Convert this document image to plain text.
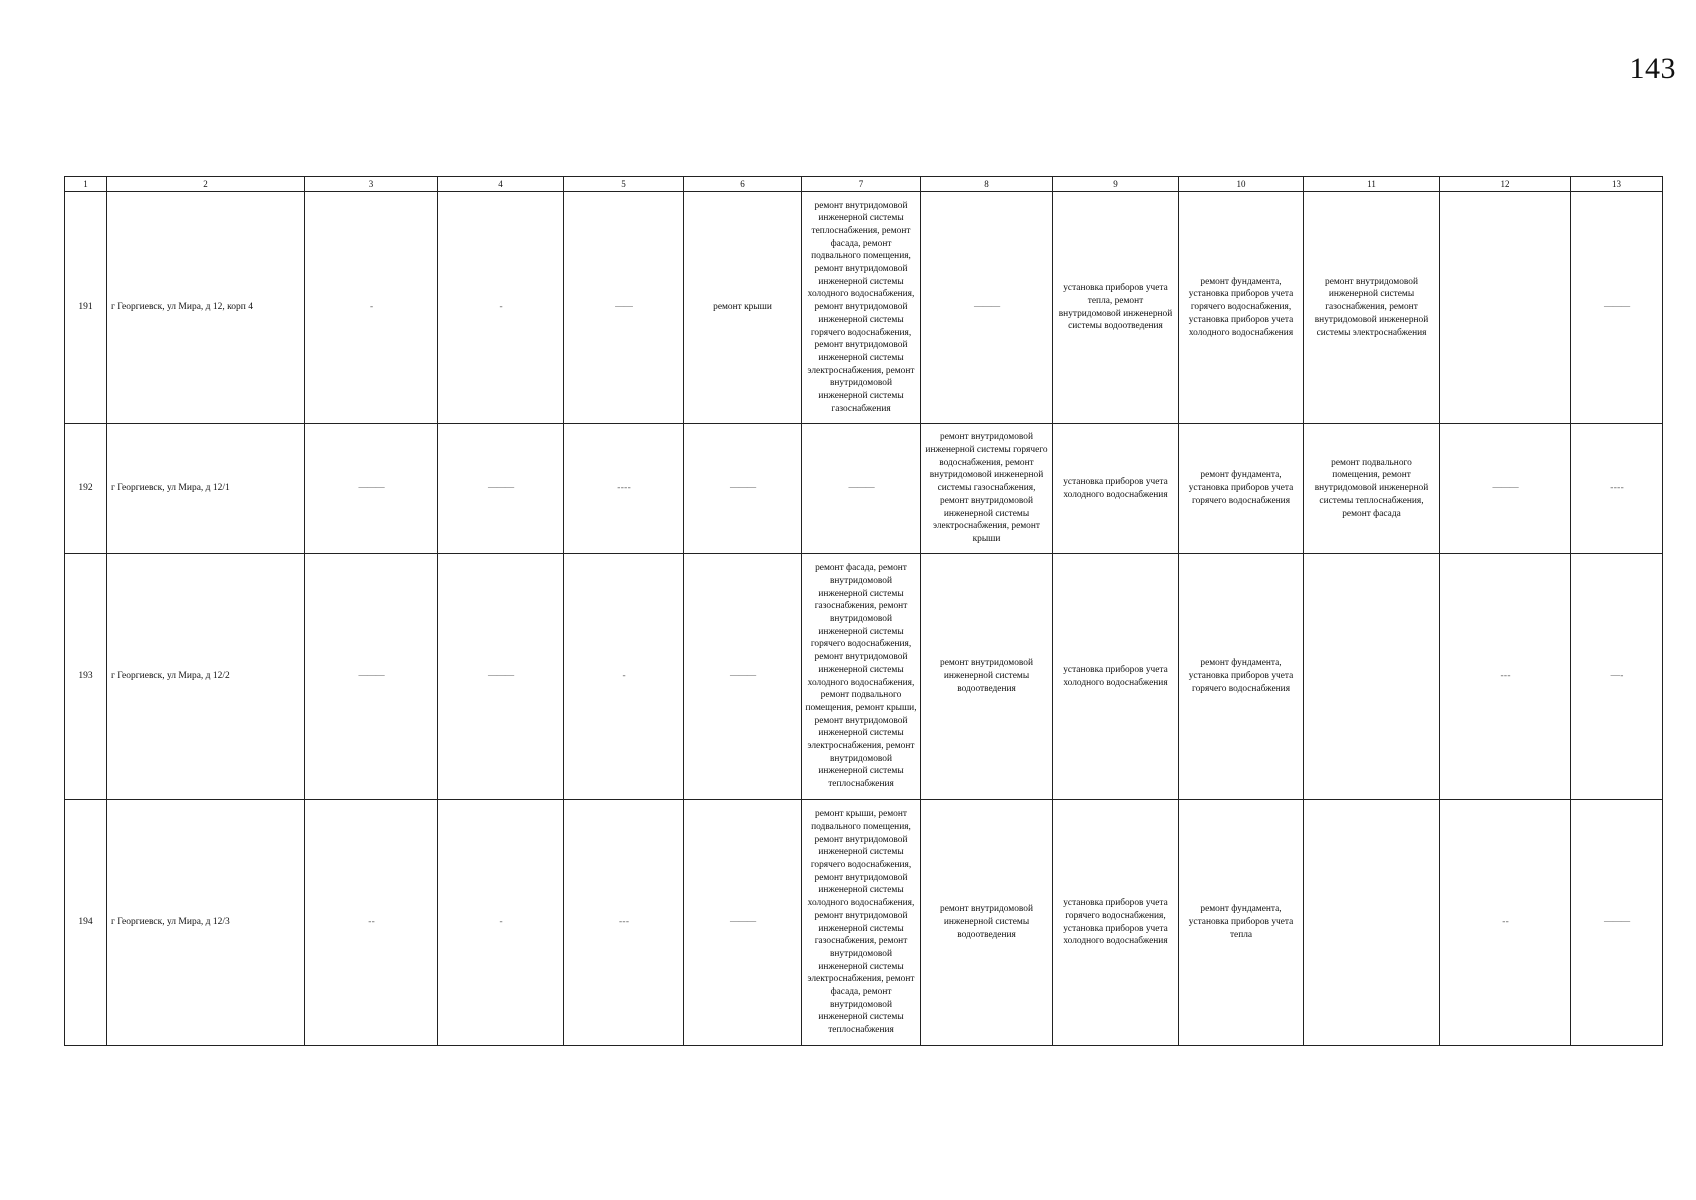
143
1	2	3	4	5	6	7	8	9	10	11	12	13
191	г Георгиевск, ул Мира, д 12, корп 4	-	-	——	ремонт крыши	ремонт внутридомовой инженерной системы теплоснабжения, ремонт фасада, ремонт подвального помещения, ремонт внутридомовой инженерной системы холодного водоснабжения, ремонт внутридомовой инженерной системы горячего водоснабжения, ремонт внутридомовой инженерной системы электроснабжения, ремонт внутридомовой инженерной системы газоснабжения	———	установка приборов учета тепла, ремонт внутридомовой инженерной системы водоотведения	ремонт фундамента, установка приборов учета горячего водоснабжения, установка приборов учета холодного водоснабжения	ремонт внутридомовой инженерной системы газоснабжения, ремонт внутридомовой инженерной системы электроснабжения		———
192	г Георгиевск, ул Мира, д 12/1	———	———	- - - -	———	———	ремонт внутридомовой инженерной системы горячего водоснабжения, ремонт внутридомовой инженерной системы газоснабжения, ремонт внутридомовой инженерной системы электроснабжения, ремонт крыши	установка приборов учета холодного водоснабжения	ремонт фундамента, установка приборов учета горячего водоснабжения	ремонт подвального помещения, ремонт внутридомовой инженерной системы теплоснабжения, ремонт фасада	———	- - - -
193	г Георгиевск, ул Мира, д 12/2	———	———	-	———	ремонт фасада, ремонт внутридомовой инженерной системы газоснабжения, ремонт внутридомовой инженерной системы горячего водоснабжения, ремонт внутридомовой инженерной системы холодного водоснабжения, ремонт подвального помещения, ремонт крыши, ремонт внутридомовой инженерной системы электроснабжения, ремонт внутридомовой инженерной системы теплоснабжения	ремонт внутридомовой инженерной системы водоотведения	установка приборов учета холодного водоснабжения	ремонт фундамента, установка приборов учета горячего водоснабжения		- - -	— -
194	г Георгиевск, ул Мира, д 12/3	- -	-	- - -	———	ремонт крыши, ремонт подвального помещения, ремонт внутридомовой инженерной системы горячего водоснабжения, ремонт внутридомовой инженерной системы холодного водоснабжения, ремонт внутридомовой инженерной системы газоснабжения, ремонт внутридомовой инженерной системы электроснабжения, ремонт фасада, ремонт внутридомовой инженерной системы теплоснабжения	ремонт внутридомовой инженерной системы водоотведения	установка приборов учета горячего водоснабжения, установка приборов учета холодного водоснабжения	ремонт фундамента, установка приборов учета тепла		- -	———
